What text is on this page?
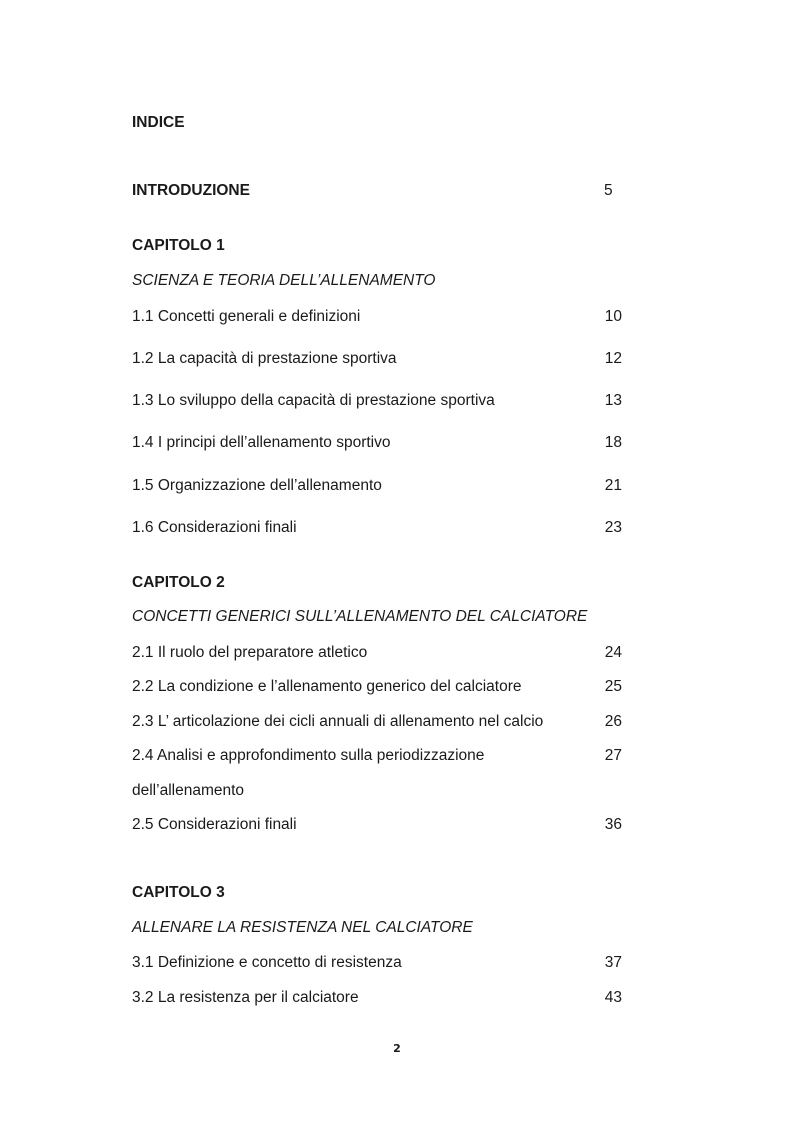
INDICE
INTRODUZIONE	5
CAPITOLO 1
SCIENZA E TEORIA DELL’ALLENAMENTO
1.1 Concetti generali e definizioni	10
1.2 La capacità di prestazione sportiva	12
1.3 Lo sviluppo della capacità di prestazione sportiva	13
1.4 I principi dell’allenamento sportivo	18
1.5 Organizzazione dell’allenamento	21
1.6 Considerazioni finali	23
CAPITOLO 2
CONCETTI GENERICI SULL’ALLENAMENTO DEL CALCIATORE
2.1 Il ruolo del preparatore atletico	24
2.2 La condizione e l’allenamento generico del calciatore	25
2.3 L’ articolazione dei cicli annuali di allenamento nel calcio	26
2.4 Analisi e approfondimento sulla periodizzazione	27
dell’allenamento
2.5 Considerazioni finali	36
CAPITOLO 3
ALLENARE LA RESISTENZA NEL CALCIATORE
3.1 Definizione e concetto di resistenza	37
3.2 La resistenza per il calciatore	43
2
